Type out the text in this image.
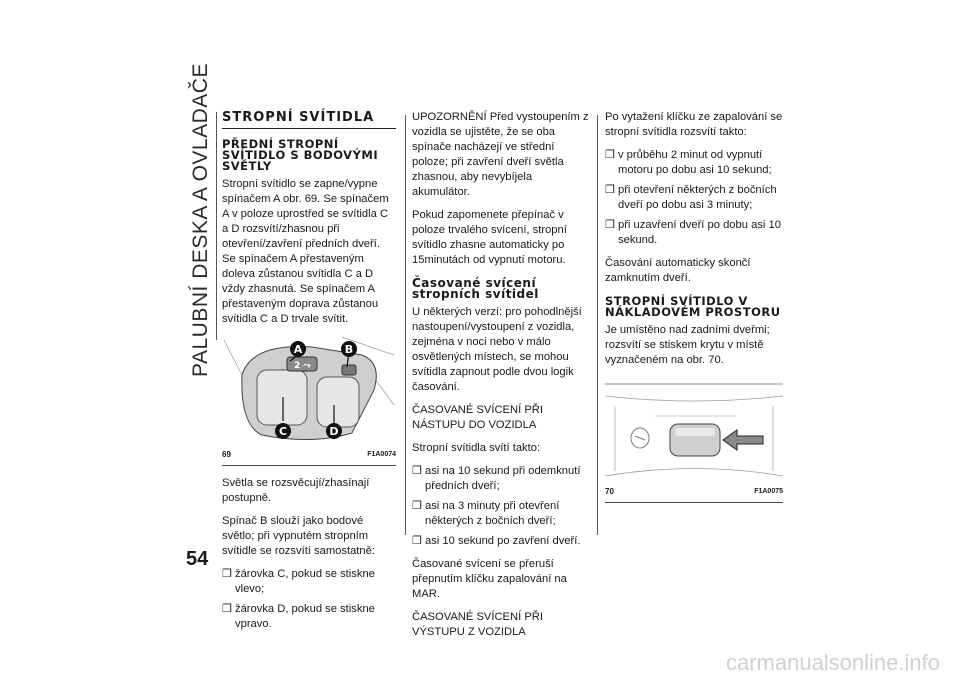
PALUBNÍ DESKA A OVLADAČE
54
STROPNÍ SVÍTIDLA
PŘEDNÍ STROPNÍ SVÍTIDLO S BODOVÝMI SVĚTLY

Stropní svítidlo se zapne/vypne spínačem A obr. 69. Se spínačem A v poloze uprostřed se svítidla C a D rozsvítí/zhasnou při otevření/zavření předních dveří. Se spínačem A přestaveným doleva zůstanou svítidla C a D vždy zhasnutá. Se spínačem A přestaveným doprava zůstanou svítidla C a D trvale svítit.

2 ⤳
A	B
C	D
69	F1A0074

Světla se rozsvěcují/zhasínají postupně.

Spínač B slouží jako bodové světlo; při vypnutém stropním svítidle se rozsvítí samostatně:

❒ žárovka C, pokud se stiskne vlevo;
❒ žárovka D, pokud se stiskne vpravo.

UPOZORNĚNÍ Před vystoupením z vozidla se ujistěte, že se oba spínače nacházejí ve střední poloze; při zavření dveří světla zhasnou, aby nevybíjela akumulátor.

Pokud zapomenete přepínač v poloze trvalého svícení, stropní svítidlo zhasne automaticky po 15minutách od vypnutí motoru.

Časované svícení stropních svítidel

U některých verzí: pro pohodlnější nastoupení/vystoupení z vozidla, zejména v noci nebo v málo osvětlených místech, se mohou svítidla zapnout podle dvou logik časování.

ČASOVANÉ SVÍCENÍ PŘI NÁSTUPU DO VOZIDLA

Stropní svítidla svítí takto:

❒ asi na 10 sekund při odemknutí předních dveří;
❒ asi na 3 minuty při otevření některých z bočních dveří;
❒ asi 10 sekund po zavření dveří.

Časované svícení se přeruší přepnutím klíčku zapalování na MAR.

ČASOVANÉ SVÍCENÍ PŘI VÝSTUPU Z VOZIDLA

Po vytažení klíčku ze zapalování se stropní svítidla rozsvítí takto:

❒ v průběhu 2 minut od vypnutí motoru po dobu asi 10 sekund;
❒ při otevření některých z bočních dveří po dobu asi 3 minuty;
❒ při uzavření dveří po dobu asi 10 sekund.

Časování automaticky skončí zamknutím dveří.

STROPNÍ SVÍTIDLO V NÁKLADOVÉM PROSTORU

Je umístěno nad zadními dveřmi; rozsvítí se stiskem krytu v místě vyznačeném na obr. 70.

70	F1A0075
carmanualsonline.info
